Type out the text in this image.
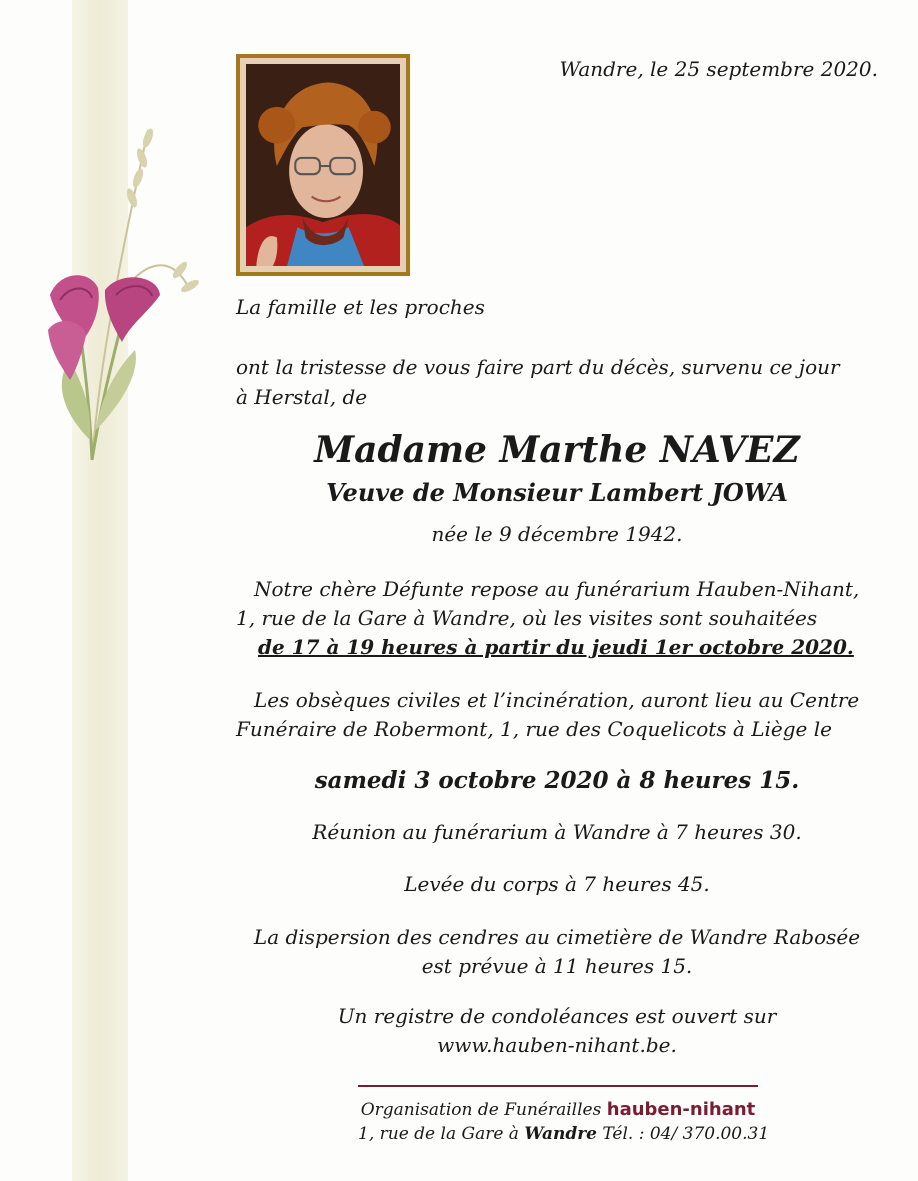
Wandre, le 25 septembre 2020.
La famille et les proches
ont la tristesse de vous faire part du décès, survenu ce jour
à Herstal, de
Madame Marthe NAVEZ
Veuve de Monsieur Lambert JOWA
née le 9 décembre 1942.
Notre chère Défunte repose au funérarium Hauben-Nihant,
1, rue de la Gare à Wandre, où les visites sont souhaitées
de 17 à 19 heures à partir du jeudi 1er octobre 2020.
Les obsèques civiles et l’incinération, auront lieu au Centre
Funéraire de Robermont, 1, rue des Coquelicots à Liège le
samedi 3 octobre 2020 à 8 heures 15.
Réunion au funérarium à Wandre à 7 heures 30.
Levée du corps à 7 heures 45.
La dispersion des cendres au cimetière de Wandre Rabosée
est prévue à 11 heures 15.
Un registre de condoléances est ouvert sur
www.hauben-nihant.be.
Organisation de Funérailles hauben-nihant
1, rue de la Gare à Wandre Tél. : 04/ 370.00.31
